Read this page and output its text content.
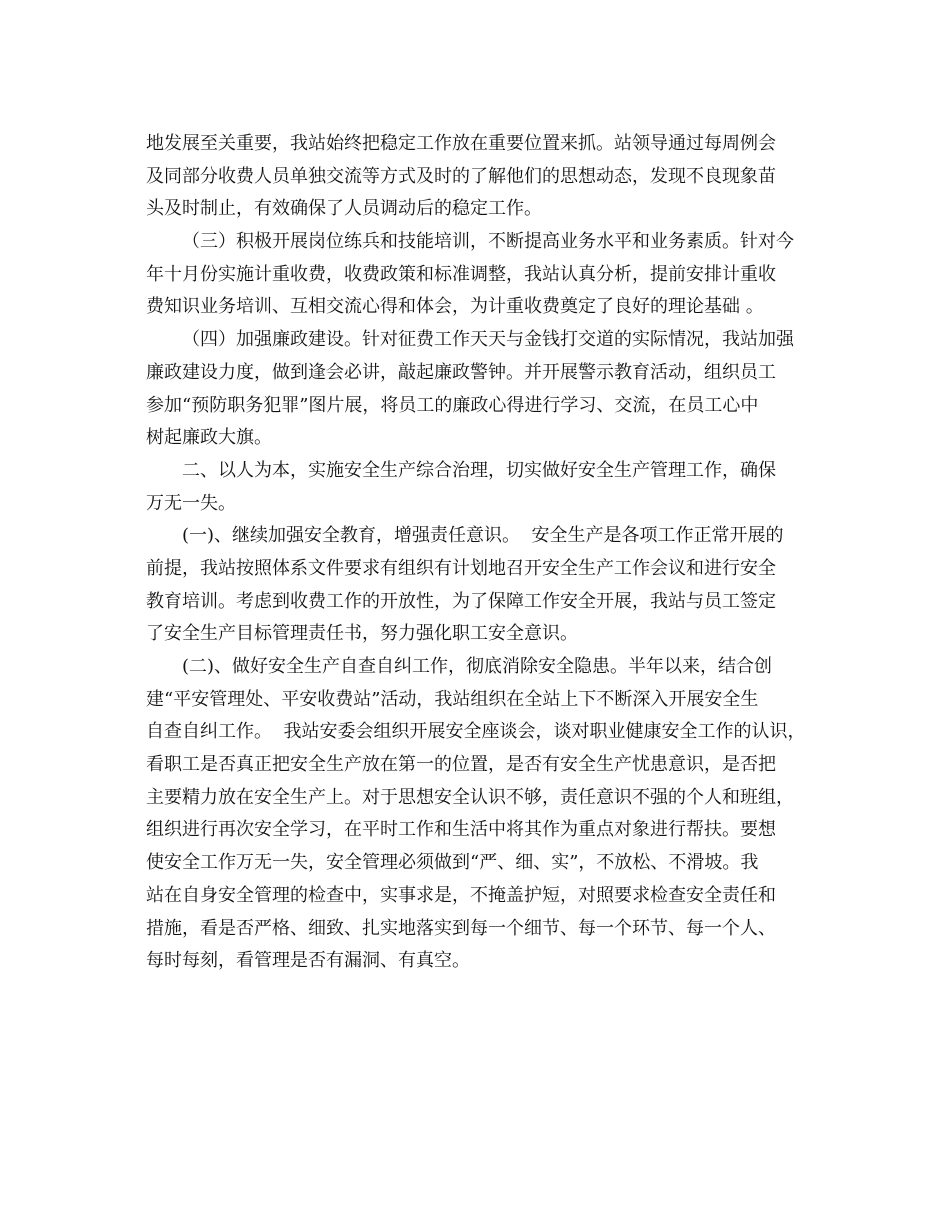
地发展至关重要，我站始终把稳定工作放在重要位置来抓。站领导通过每周例会
及同部分收费人员单独交流等方式及时的了解他们的思想动态，发现不良现象苗
头及时制止，有效确保了人员调动后的稳定工作。
（三）积极开展岗位练兵和技能培训，不断提高业务水平和业务素质。针对今
年十月份实施计重收费，收费政策和标准调整，我站认真分析，提前安排计重收
费知识业务培训、互相交流心得和体会，为计重收费奠定了良好的理论基础 。
（四）加强廉政建设。针对征费工作天天与金钱打交道的实际情况，我站加强
廉政建设力度，做到逢会必讲，敲起廉政警钟。并开展警示教育活动，组织员工
参加“预防职务犯罪”图片展，将员工的廉政心得进行学习、交流，在员工心中
树起廉政大旗。
二、以人为本，实施安全生产综合治理，切实做好安全生产管理工作，确保
万无一失。
(一)、继续加强安全教育，增强责任意识。  安全生产是各项工作正常开展的
前提，我站按照体系文件要求有组织有计划地召开安全生产工作会议和进行安全
教育培训。考虑到收费工作的开放性，为了保障工作安全开展，我站与员工签定
了安全生产目标管理责任书，努力强化职工安全意识。
(二)、做好安全生产自查自纠工作，彻底消除安全隐患。半年以来，结合创
建“平安管理处、平安收费站”活动，我站组织在全站上下不断深入开展安全生
自查自纠工作。  我站安委会组织开展安全座谈会，谈对职业健康安全工作的认识，
看职工是否真正把安全生产放在第一的位置，是否有安全生产忧患意识，是否把
主要精力放在安全生产上。对于思想安全认识不够，责任意识不强的个人和班组，
组织进行再次安全学习，在平时工作和生活中将其作为重点对象进行帮扶。要想
使安全工作万无一失，安全管理必须做到“严、细、实”，不放松、不滑坡。我
站在自身安全管理的检查中，实事求是，不掩盖护短，对照要求检查安全责任和
措施，看是否严格、细致、扎实地落实到每一个细节、每一个环节、每一个人、
每时每刻，看管理是否有漏洞、有真空。
